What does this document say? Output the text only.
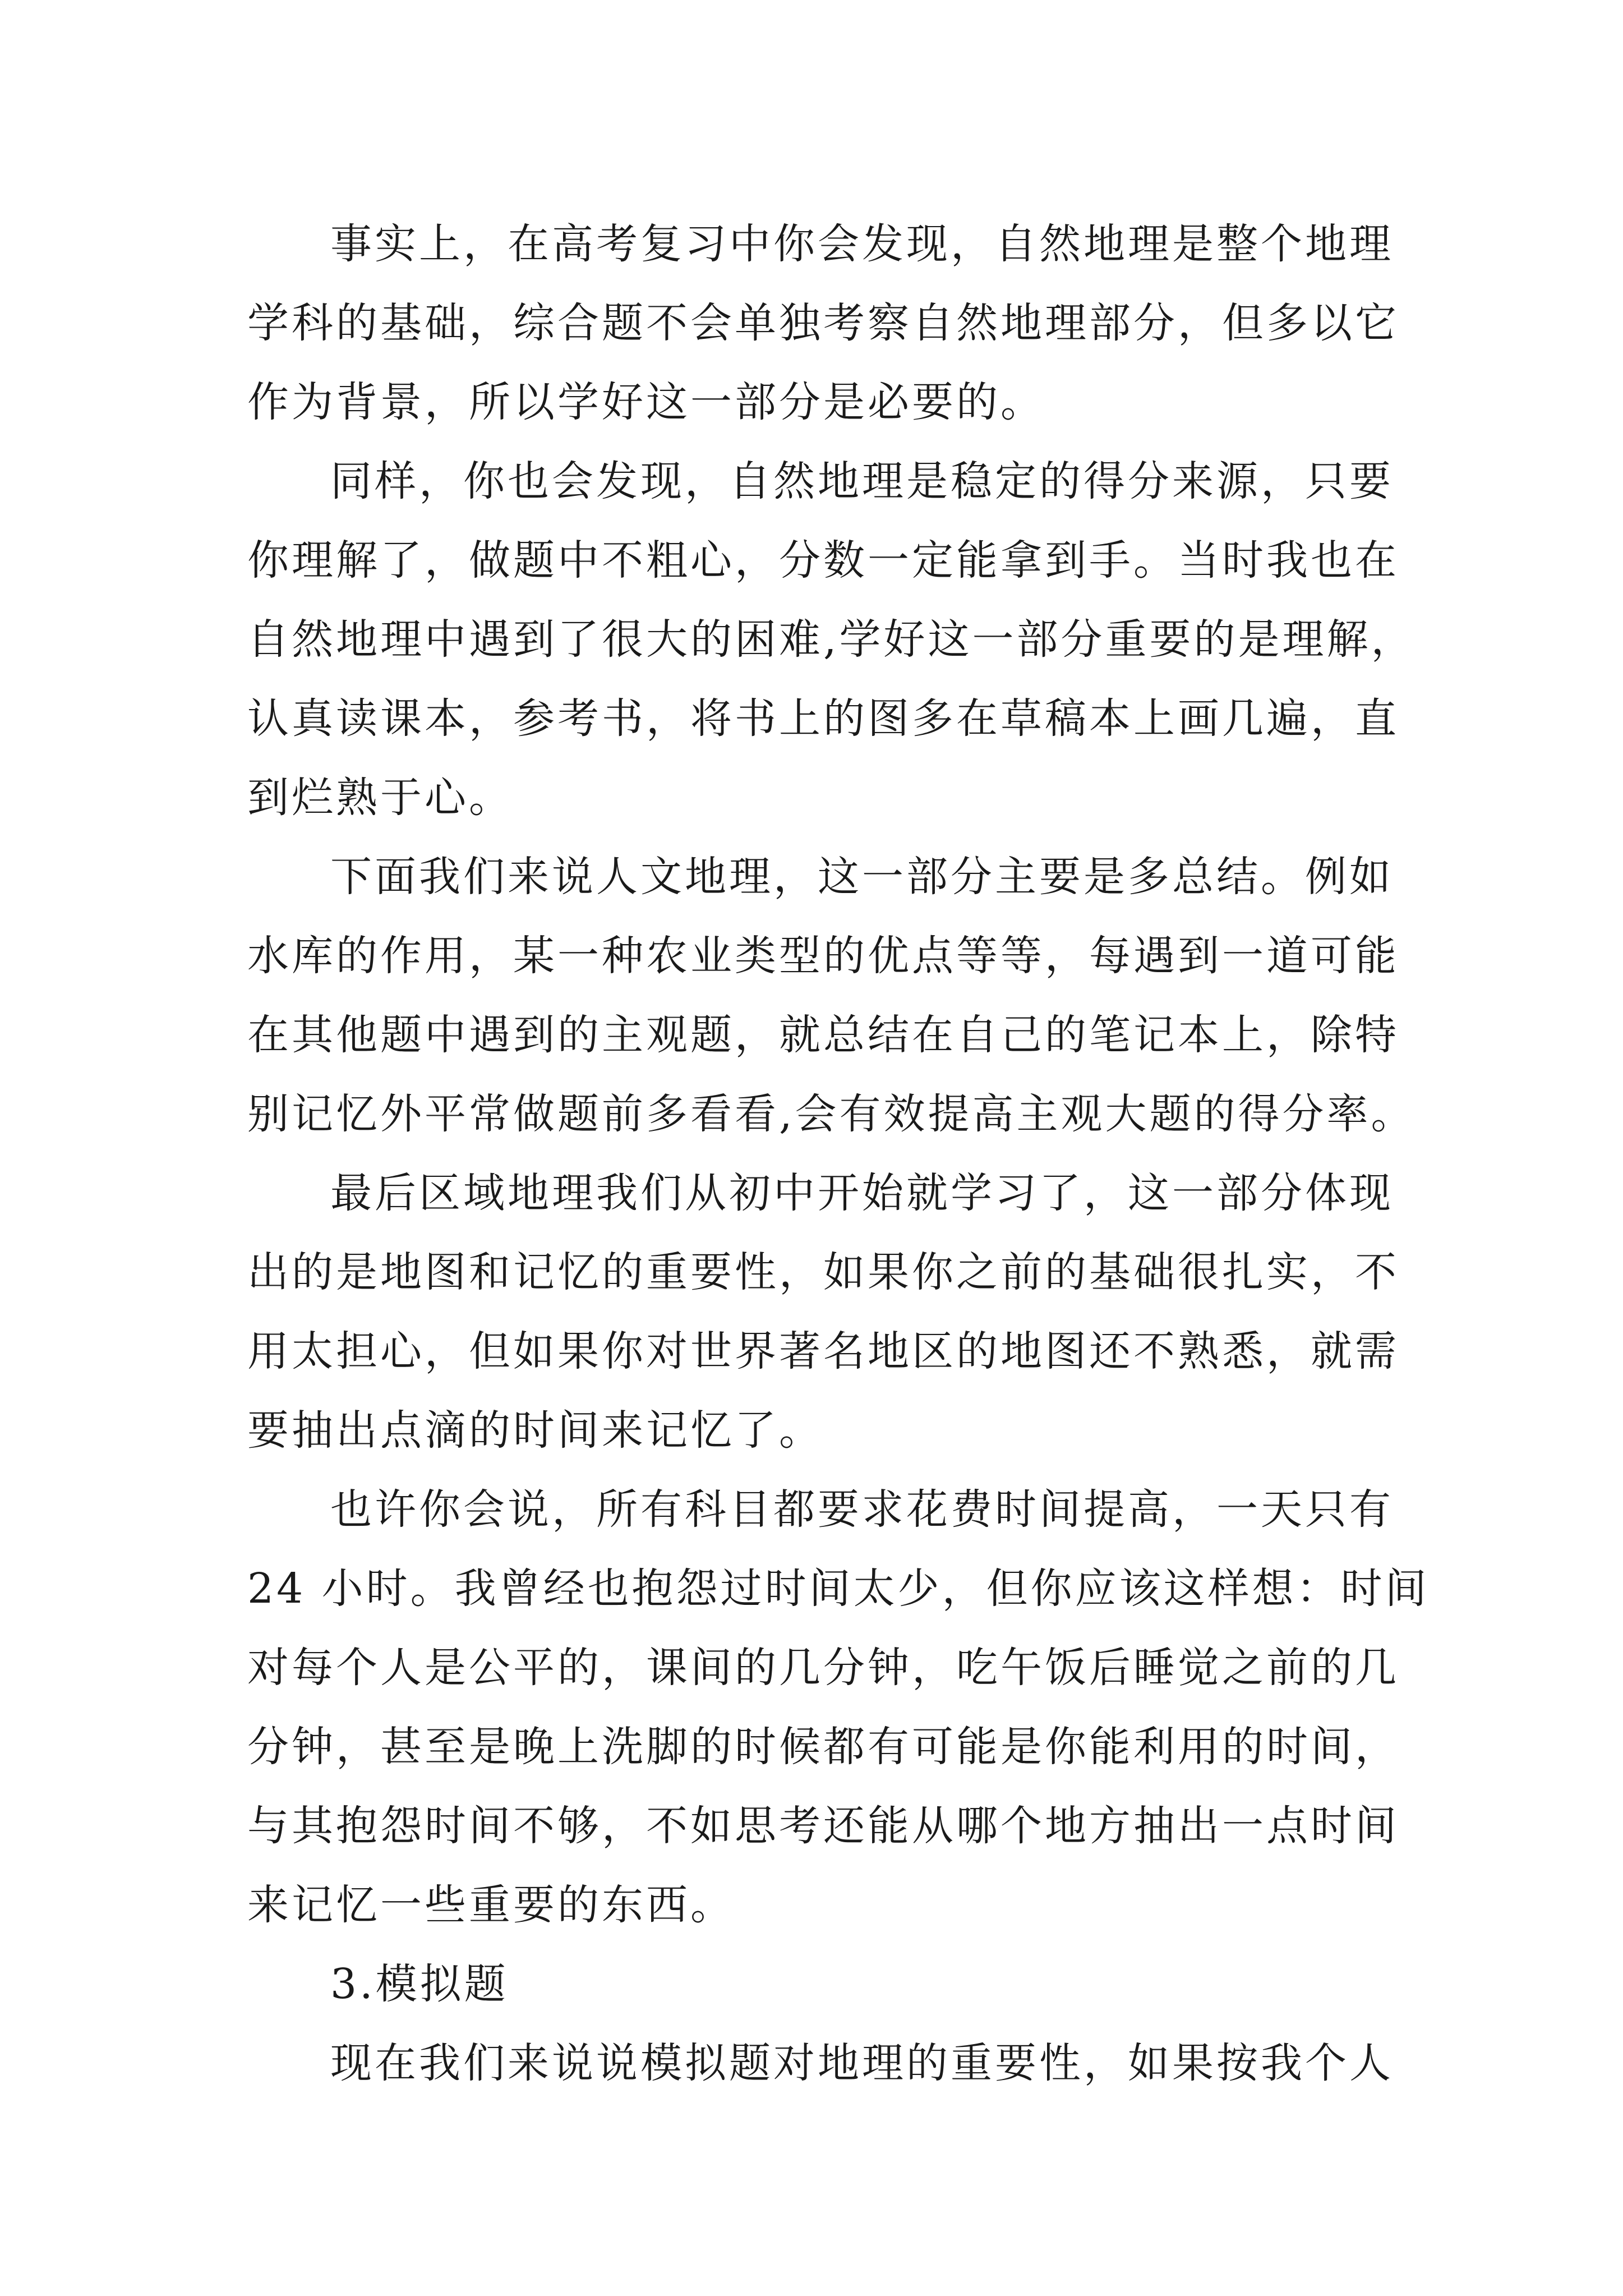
事实上，在高考复习中你会发现，自然地理是整个地理
学科的基础，综合题不会单独考察自然地理部分，但多以它
作为背景，所以学好这一部分是必要的。
同样，你也会发现，自然地理是稳定的得分来源，只要
你理解了，做题中不粗心，分数一定能拿到手。当时我也在
自然地理中遇到了很大的困难,学好这一部分重要的是理解，
认真读课本，参考书，将书上的图多在草稿本上画几遍，直
到烂熟于心。
下面我们来说人文地理，这一部分主要是多总结。例如
水库的作用，某一种农业类型的优点等等，每遇到一道可能
在其他题中遇到的主观题，就总结在自己的笔记本上，除特
别记忆外平常做题前多看看,会有效提高主观大题的得分率。
最后区域地理我们从初中开始就学习了，这一部分体现
出的是地图和记忆的重要性，如果你之前的基础很扎实，不
用太担心，但如果你对世界著名地区的地图还不熟悉，就需
要抽出点滴的时间来记忆了。
也许你会说，所有科目都要求花费时间提高，一天只有
24 小时。我曾经也抱怨过时间太少，但你应该这样想：时间
对每个人是公平的，课间的几分钟，吃午饭后睡觉之前的几
分钟，甚至是晚上洗脚的时候都有可能是你能利用的时间，
与其抱怨时间不够，不如思考还能从哪个地方抽出一点时间
来记忆一些重要的东西。
3.模拟题
现在我们来说说模拟题对地理的重要性，如果按我个人
